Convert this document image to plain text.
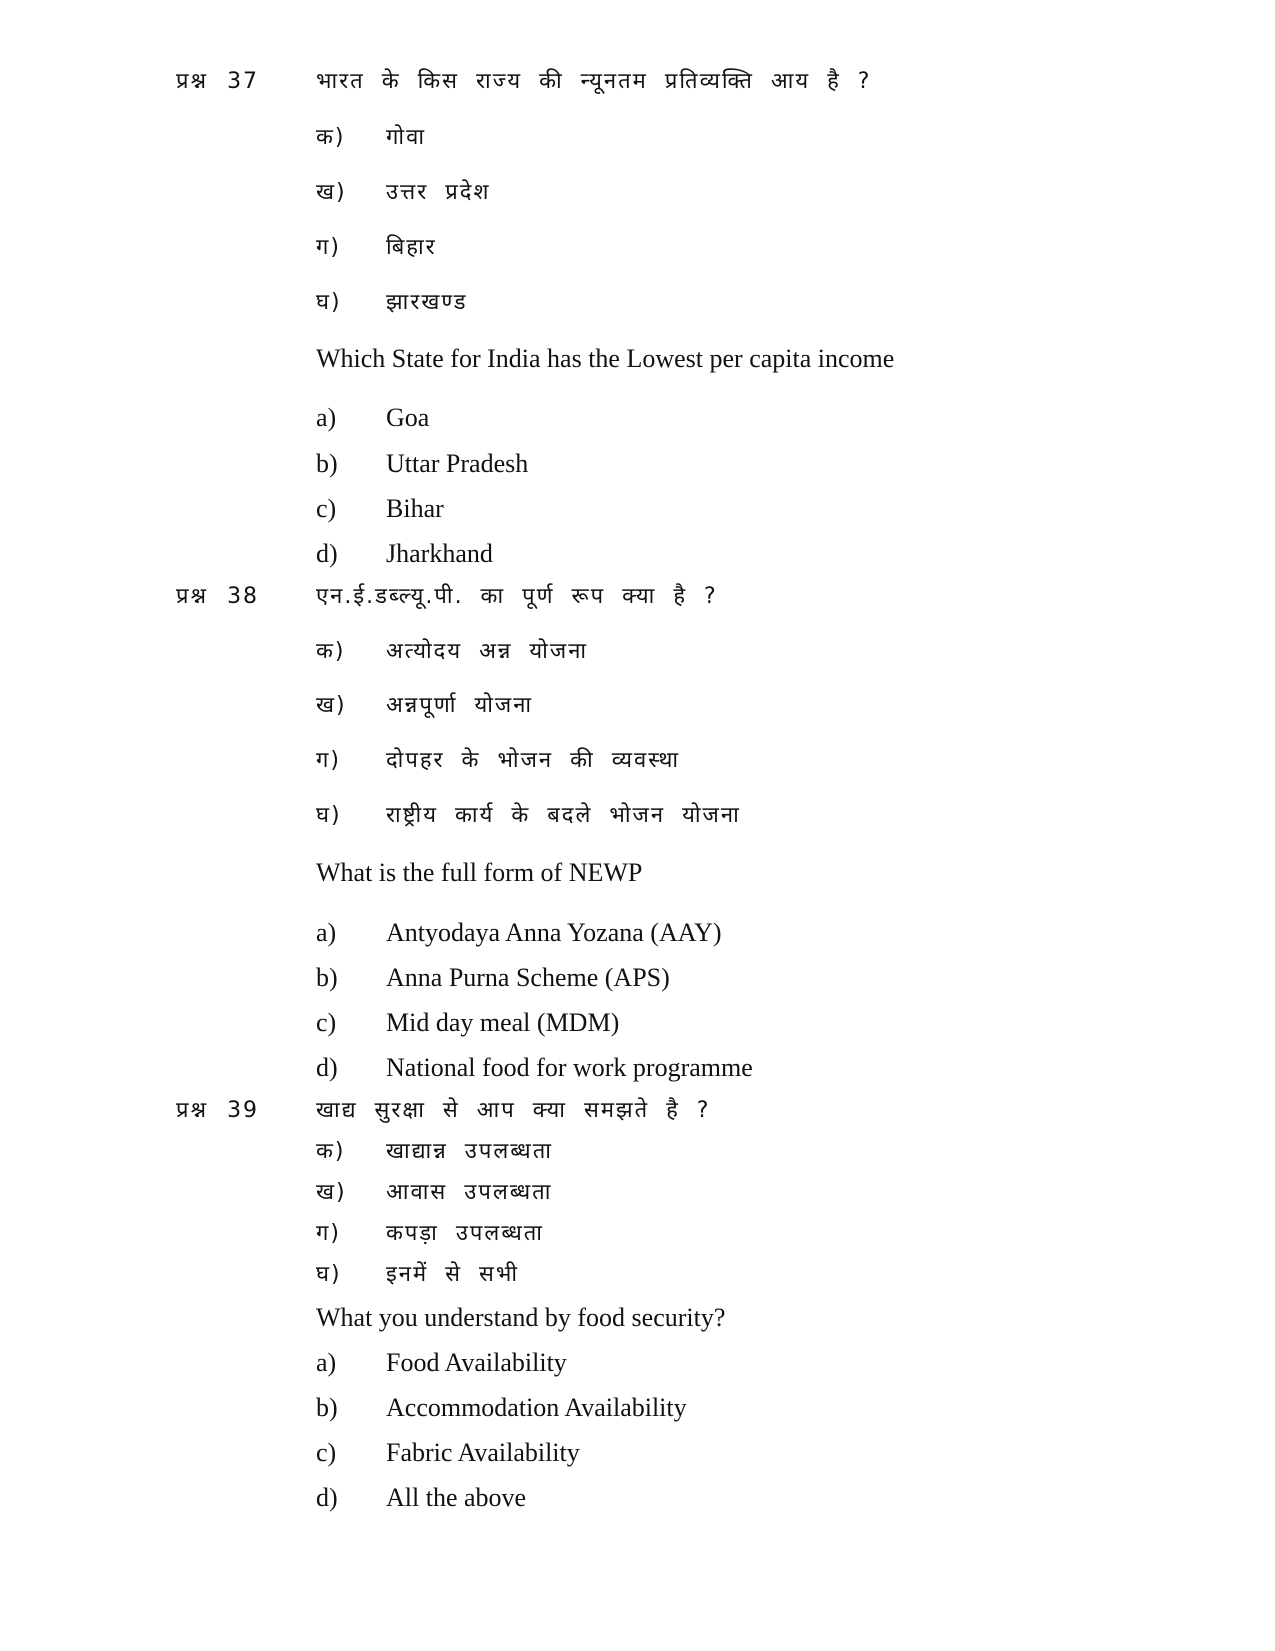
प्रश्न 37	भारत के किस राज्य की न्यूनतम प्रतिव्यक्ति आय है ?
क) गोवा
ख) उत्तर प्रदेश
ग) बिहार
घ) झारखण्ड
Which State for India has the Lowest per capita income
a) Goa
b) Uttar Pradesh
c) Bihar
d) Jharkhand
प्रश्न 38	एन.ई.डब्ल्यू.पी. का पूर्ण रूप क्या है ?
क) अत्योदय अन्न योजना
ख) अन्नपूर्णा योजना
ग) दोपहर के भोजन की व्यवस्था
घ) राष्ट्रीय कार्य के बदले भोजन योजना
What is the full form of NEWP
a) Antyodaya Anna Yozana (AAY)
b) Anna Purna Scheme (APS)
c) Mid day meal (MDM)
d) National food for work programme
प्रश्न 39	खाद्य सुरक्षा से आप क्या समझते है ?
क) खाद्यान्न उपलब्धता
ख) आवास उपलब्धता
ग) कपड़ा उपलब्धता
घ) इनमें से सभी
What you understand by food security?
a) Food Availability
b) Accommodation Availability
c) Fabric Availability
d) All the above
